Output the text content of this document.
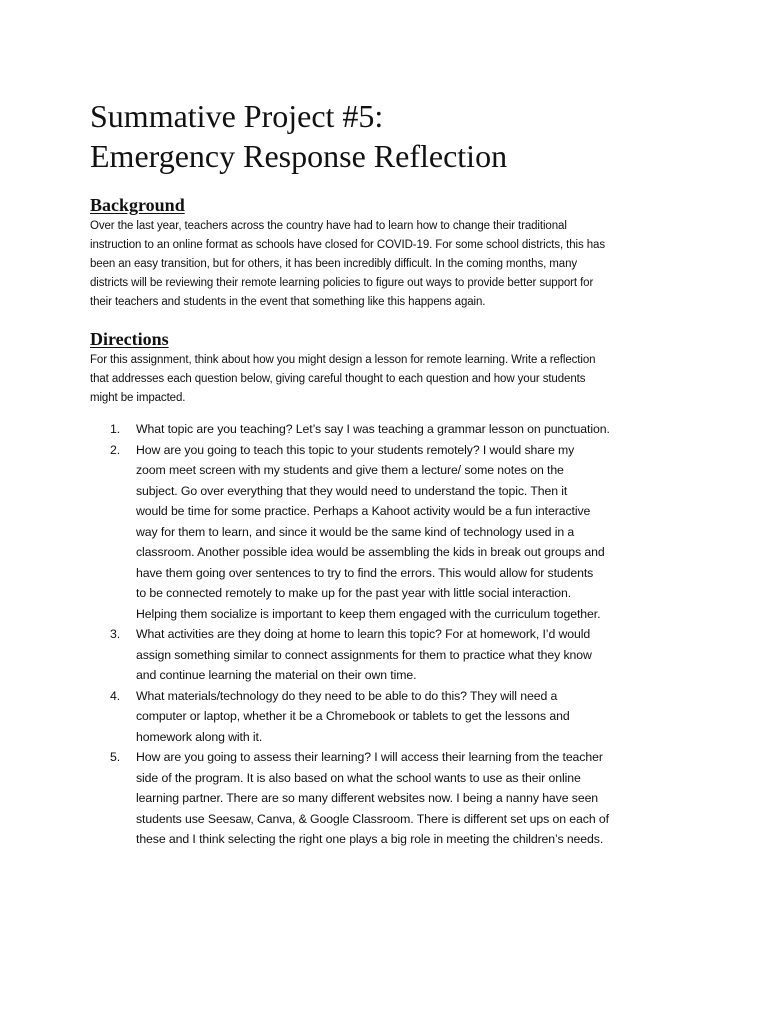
Summative Project #5:
Emergency Response Reflection
Background

Over the last year, teachers across the country have had to learn how to change their traditional
instruction to an online format as schools have closed for COVID-19. For some school districts, this has
been an easy transition, but for others, it has been incredibly difficult. In the coming months, many
districts will be reviewing their remote learning policies to figure out ways to provide better support for
their teachers and students in the event that something like this happens again.

Directions

For this assignment, think about how you might design a lesson for remote learning. Write a reflection
that addresses each question below, giving careful thought to each question and how your students
might be impacted.

1. What topic are you teaching? Let’s say I was teaching a grammar lesson on punctuation.
2. How are you going to teach this topic to your students remotely? I would share my
zoom meet screen with my students and give them a lecture/ some notes on the
subject. Go over everything that they would need to understand the topic. Then it
would be time for some practice. Perhaps a Kahoot activity would be a fun interactive
way for them to learn, and since it would be the same kind of technology used in a
classroom. Another possible idea would be assembling the kids in break out groups and
have them going over sentences to try to find the errors. This would allow for students
to be connected remotely to make up for the past year with little social interaction.
Helping them socialize is important to keep them engaged with the curriculum together.
3. What activities are they doing at home to learn this topic? For at homework, I’d would
assign something similar to connect assignments for them to practice what they know
and continue learning the material on their own time.
4. What materials/technology do they need to be able to do this? They will need a
computer or laptop, whether it be a Chromebook or tablets to get the lessons and
homework along with it.
5. How are you going to assess their learning? I will access their learning from the teacher
side of the program. It is also based on what the school wants to use as their online
learning partner. There are so many different websites now. I being a nanny have seen
students use Seesaw, Canva, & Google Classroom. There is different set ups on each of
these and I think selecting the right one plays a big role in meeting the children’s needs.
